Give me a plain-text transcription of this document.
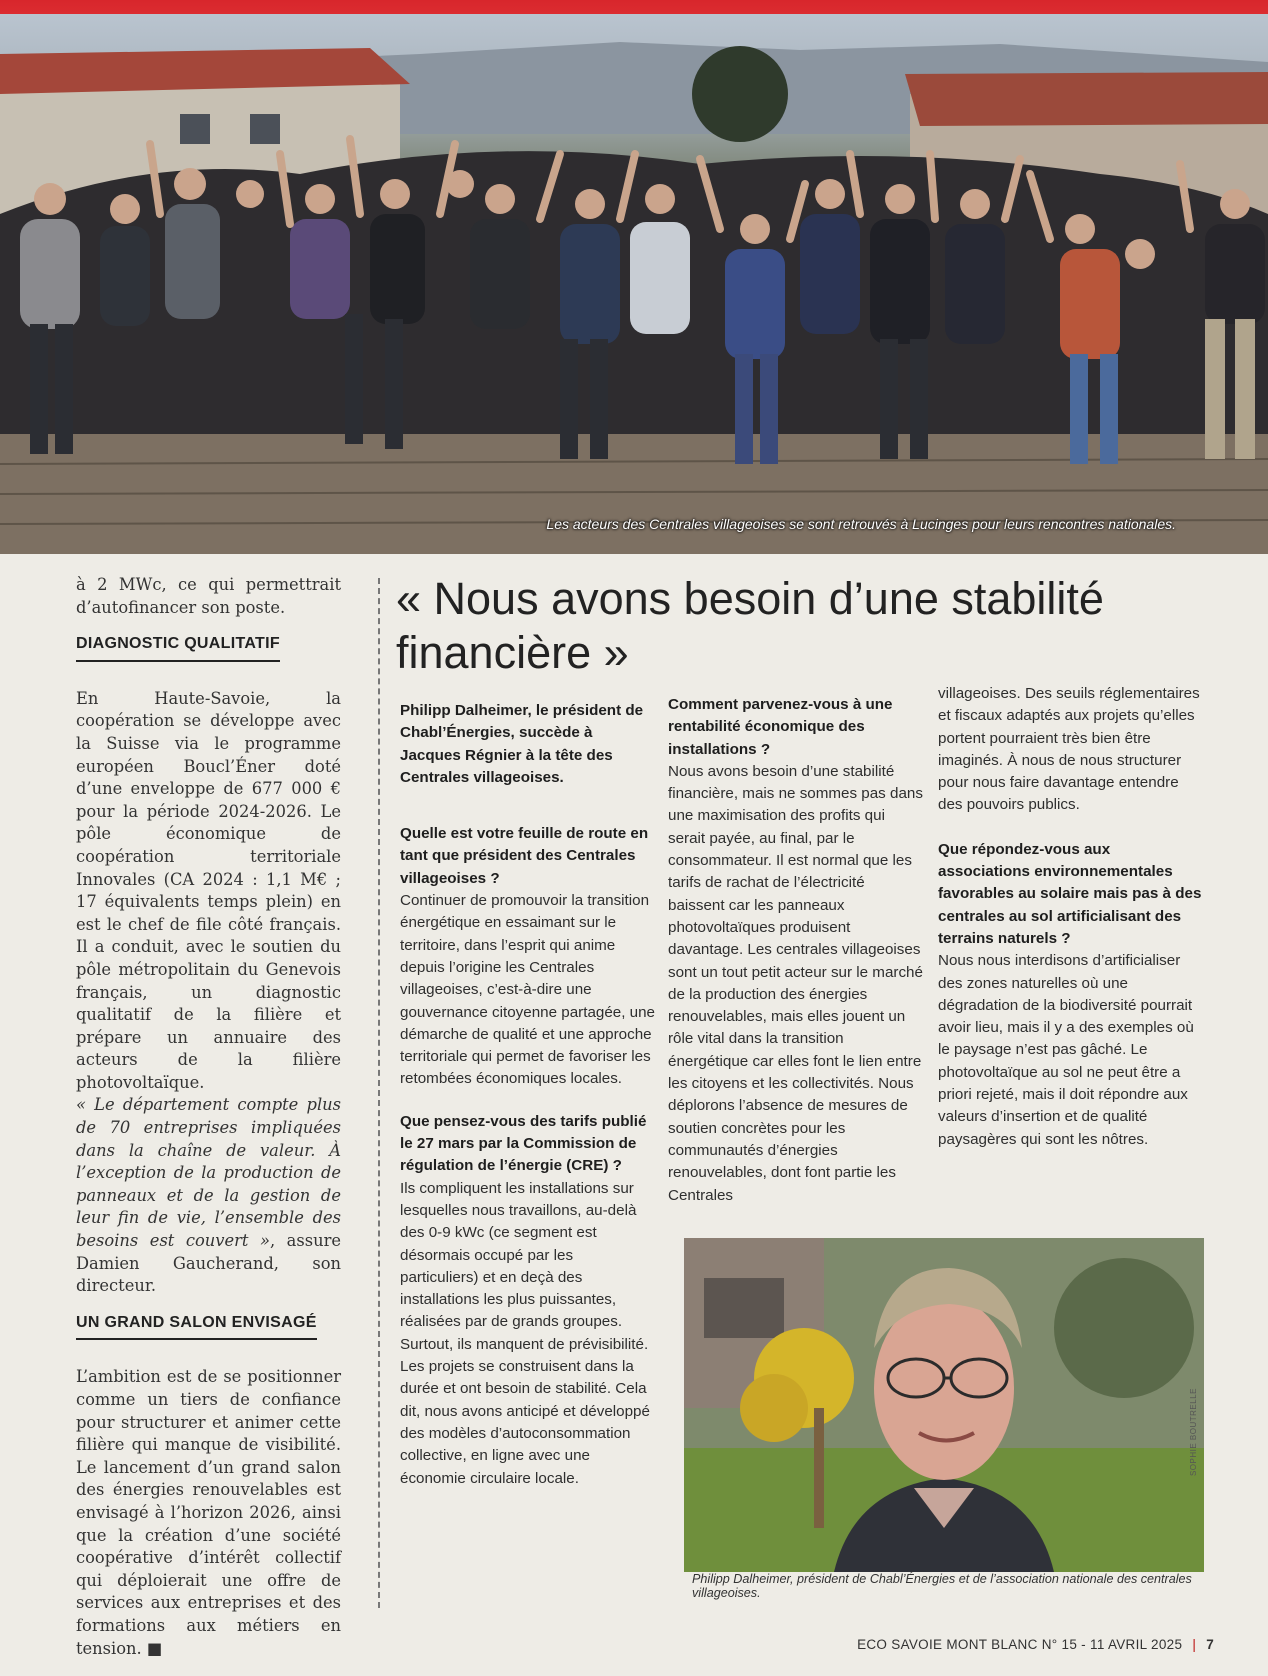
Les acteurs des Centrales villageoises se sont retrouvés à Lucinges pour leurs rencontres nationales.

à 2 MWc, ce qui permettrait d’autofinancer son poste.

DIAGNOSTIC QUALITATIF

En Haute-Savoie, la coopération se développe avec la Suisse via le programme européen Boucl’Éner doté d’une enveloppe de 677 000 € pour la période 2024-2026. Le pôle économique de coopération territoriale Innovales (CA 2024 : 1,1 M€ ; 17 équivalents temps plein) en est le chef de file côté français. Il a conduit, avec le soutien du pôle métropolitain du Genevois français, un diagnostic qualitatif de la filière et prépare un annuaire des acteurs de la filière photovoltaïque.

« Le département compte plus de 70 entreprises impliquées dans la chaîne de valeur. À l’exception de la production de panneaux et de la gestion de leur fin de vie, l’ensemble des besoins est couvert », assure Damien Gaucherand, son directeur.

UN GRAND SALON ENVISAGÉ

L’ambition est de se positionner comme un tiers de confiance pour structurer et animer cette filière qui manque de visibilité. Le lancement d’un grand salon des énergies renouvelables est envisagé à l’horizon 2026, ainsi que la création d’une société coopérative d’intérêt collectif qui déploierait une offre de services aux entreprises et des formations aux métiers en tension. ■

« Nous avons besoin d’une stabilité financière »

Philipp Dalheimer, le président de Chabl’Énergies, succède à Jacques Régnier à la tête des Centrales villageoises.

Quelle est votre feuille de route en tant que président des Centrales villageoises ?

Continuer de promouvoir la transition énergétique en essaimant sur le territoire, dans l’esprit qui anime depuis l’origine les Centrales villageoises, c’est-à-dire une gouvernance citoyenne partagée, une démarche de qualité et une approche territoriale qui permet de favoriser les retombées économiques locales.

Que pensez-vous des tarifs publié le 27 mars par la Commission de régulation de l’énergie (CRE) ?

Ils compliquent les installations sur lesquelles nous travaillons, au-delà des 0-9 kWc (ce segment est désormais occupé par les particuliers) et en deçà des installations les plus puissantes, réalisées par de grands groupes. Surtout, ils manquent de prévisibilité. Les projets se construisent dans la durée et ont besoin de stabilité. Cela dit, nous avons anticipé et développé des modèles d’autoconsommation collective, en ligne avec une économie circulaire locale.

Comment parvenez-vous à une rentabilité économique des installations ?

Nous avons besoin d’une stabilité financière, mais ne sommes pas dans une maximisation des profits qui serait payée, au final, par le consommateur. Il est normal que les tarifs de rachat de l’électricité baissent car les panneaux photovoltaïques produisent davantage. Les centrales villageoises sont un tout petit acteur sur le marché de la production des énergies renouvelables, mais elles jouent un rôle vital dans la transition énergétique car elles font le lien entre les citoyens et les collectivités. Nous déplorons l’absence de mesures de soutien concrètes pour les communautés d’énergies renouvelables, dont font partie les Centrales

villageoises. Des seuils réglementaires et fiscaux adaptés aux projets qu’elles portent pourraient très bien être imaginés. À nous de nous structurer pour nous faire davantage entendre des pouvoirs publics.

Que répondez-vous aux associations environnementales favorables au solaire mais pas à des centrales au sol artificialisant des terrains naturels ?

Nous nous interdisons d’artificialiser des zones naturelles où une dégradation de la biodiversité pourrait avoir lieu, mais il y a des exemples où le paysage n’est pas gâché. Le photovoltaïque au sol ne peut être a priori rejeté, mais il doit répondre aux valeurs d’insertion et de qualité paysagères qui sont les nôtres.

SOPHIE BOUTRELLE
Philipp Dalheimer, président de Chabl’Énergies et de l’association nationale des centrales villageoises.
ECO SAVOIE MONT BLANC N° 15 - 11 AVRIL 2025 | 7
